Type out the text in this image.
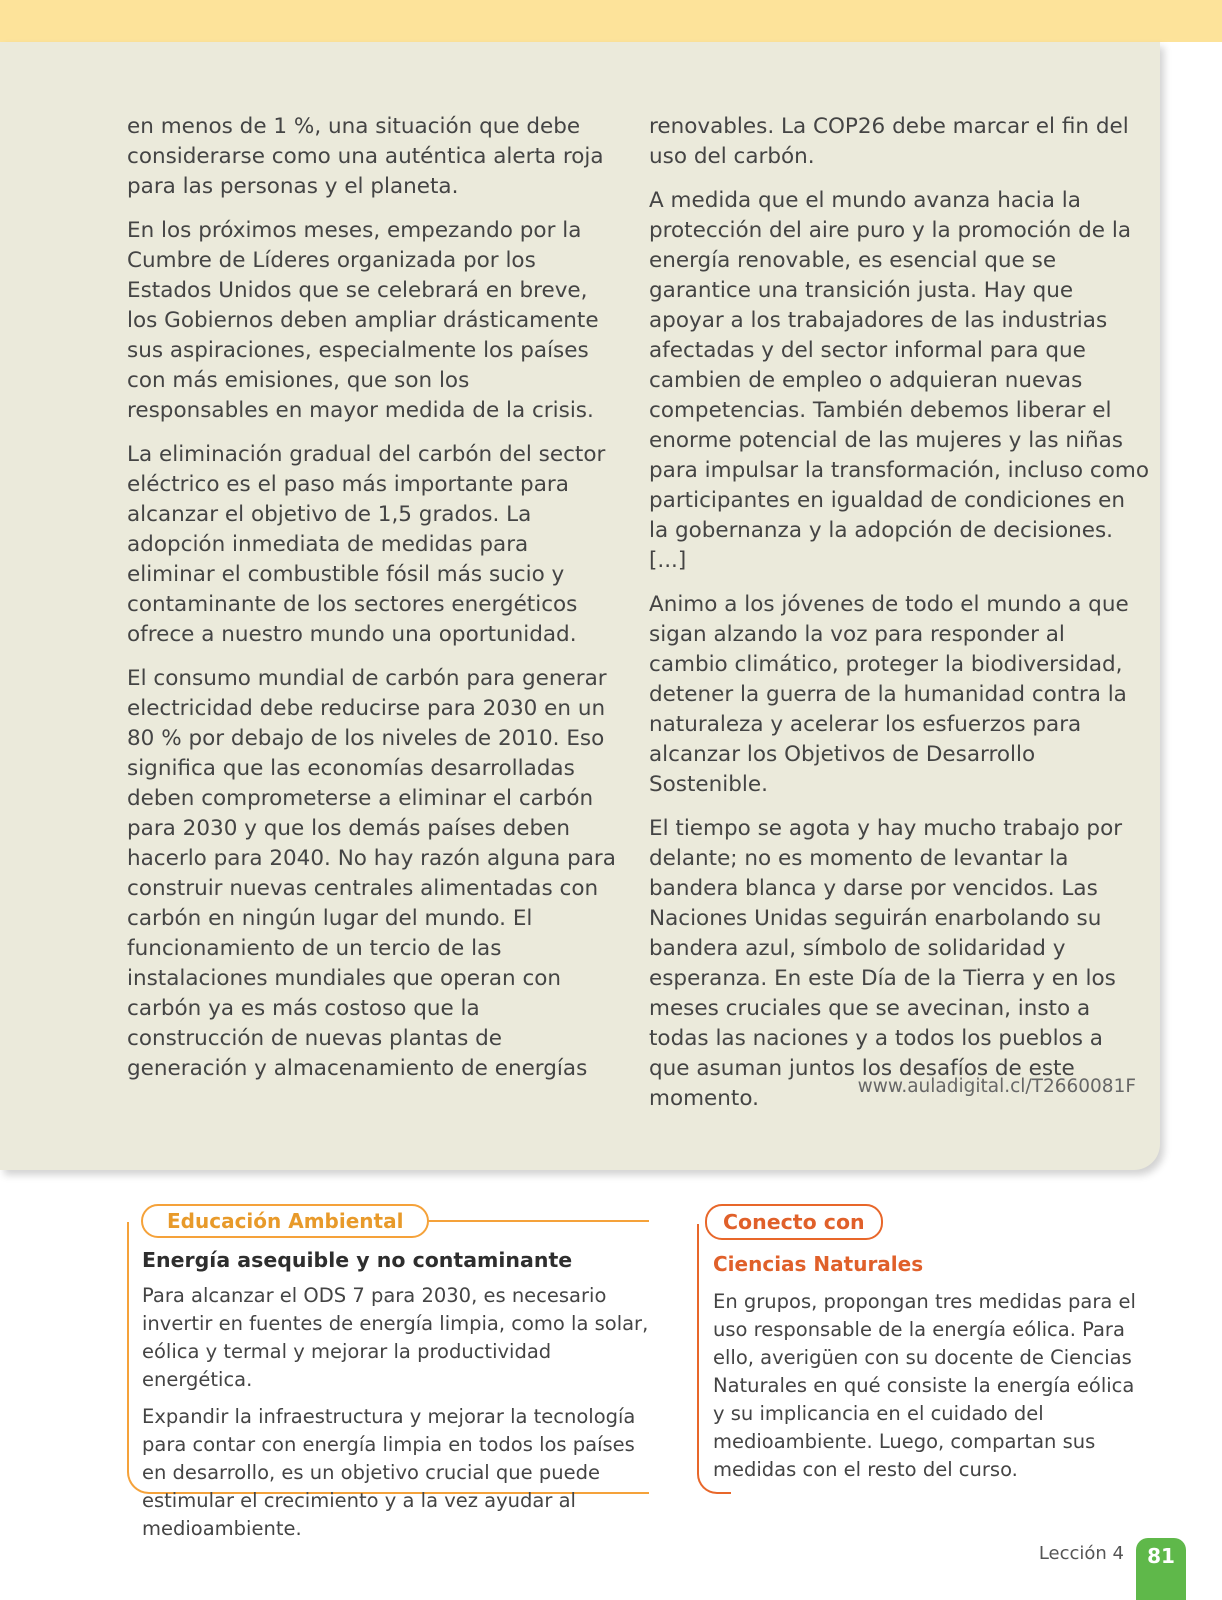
en menos de 1 %, una situación que debe considerarse como una auténtica alerta roja para las personas y el planeta.

En los próximos meses, empezando por la Cumbre de Líderes organizada por los Estados Unidos que se celebrará en breve, los Gobiernos deben ampliar drásticamente sus aspiraciones, especialmente los países con más emisiones, que son los responsables en mayor medida de la crisis.

La eliminación gradual del carbón del sector eléctrico es el paso más importante para alcanzar el objetivo de 1,5 grados. La adopción inmediata de medidas para eliminar el combustible fósil más sucio y contaminante de los sectores energéticos ofrece a nuestro mundo una oportunidad.

El consumo mundial de carbón para generar electricidad debe reducirse para 2030 en un 80 % por debajo de los niveles de 2010. Eso significa que las economías desarrolladas deben comprometerse a eliminar el carbón para 2030 y que los demás países deben hacerlo para 2040. No hay razón alguna para construir nuevas centrales alimentadas con carbón en ningún lugar del mundo. El funcionamiento de un tercio de las instalaciones mundiales que operan con carbón ya es más costoso que la construcción de nuevas plantas de generación y almacenamiento de energías

renovables. La COP26 debe marcar el fin del uso del carbón.

A medida que el mundo avanza hacia la protección del aire puro y la promoción de la energía renovable, es esencial que se garantice una transición justa. Hay que apoyar a los trabajadores de las industrias afectadas y del sector informal para que cambien de empleo o adquieran nuevas competencias. También debemos liberar el enorme potencial de las mujeres y las niñas para impulsar la transformación, incluso como participantes en igualdad de condiciones en la gobernanza y la adopción de decisiones.[...]

Animo a los jóvenes de todo el mundo a que sigan alzando la voz para responder al cambio climático, proteger la biodiversidad, detener la guerra de la humanidad contra la naturaleza y acelerar los esfuerzos para alcanzar los Objetivos de Desarrollo Sostenible.

El tiempo se agota y hay mucho trabajo por delante; no es momento de levantar la bandera blanca y darse por vencidos. Las Naciones Unidas seguirán enarbolando su bandera azul, símbolo de solidaridad y esperanza. En este Día de la Tierra y en los meses cruciales que se avecinan, insto a todas las naciones y a todos los pueblos a que asuman juntos los desafíos de este momento.	www.auladigital.cl/T2660081F
Educación Ambiental
Energía asequible y no contaminante

Para alcanzar el ODS 7 para 2030, es necesario invertir en fuentes de energía limpia, como la solar, eólica y termal y mejorar la productividad energética.

Expandir la infraestructura y mejorar la tecnología para contar con energía limpia en todos los países en desarrollo, es un objetivo crucial que puede estimular el crecimiento y a la vez ayudar al medioambiente.

Conecto con
Ciencias Naturales
En grupos, propongan tres medidas para el uso responsable de la energía eólica. Para ello, averigüen con su docente de Ciencias Naturales en qué consiste la energía eólica y su implicancia en el cuidado del medioambiente. Luego, compartan sus medidas con el resto del curso.
Lección 4	81
